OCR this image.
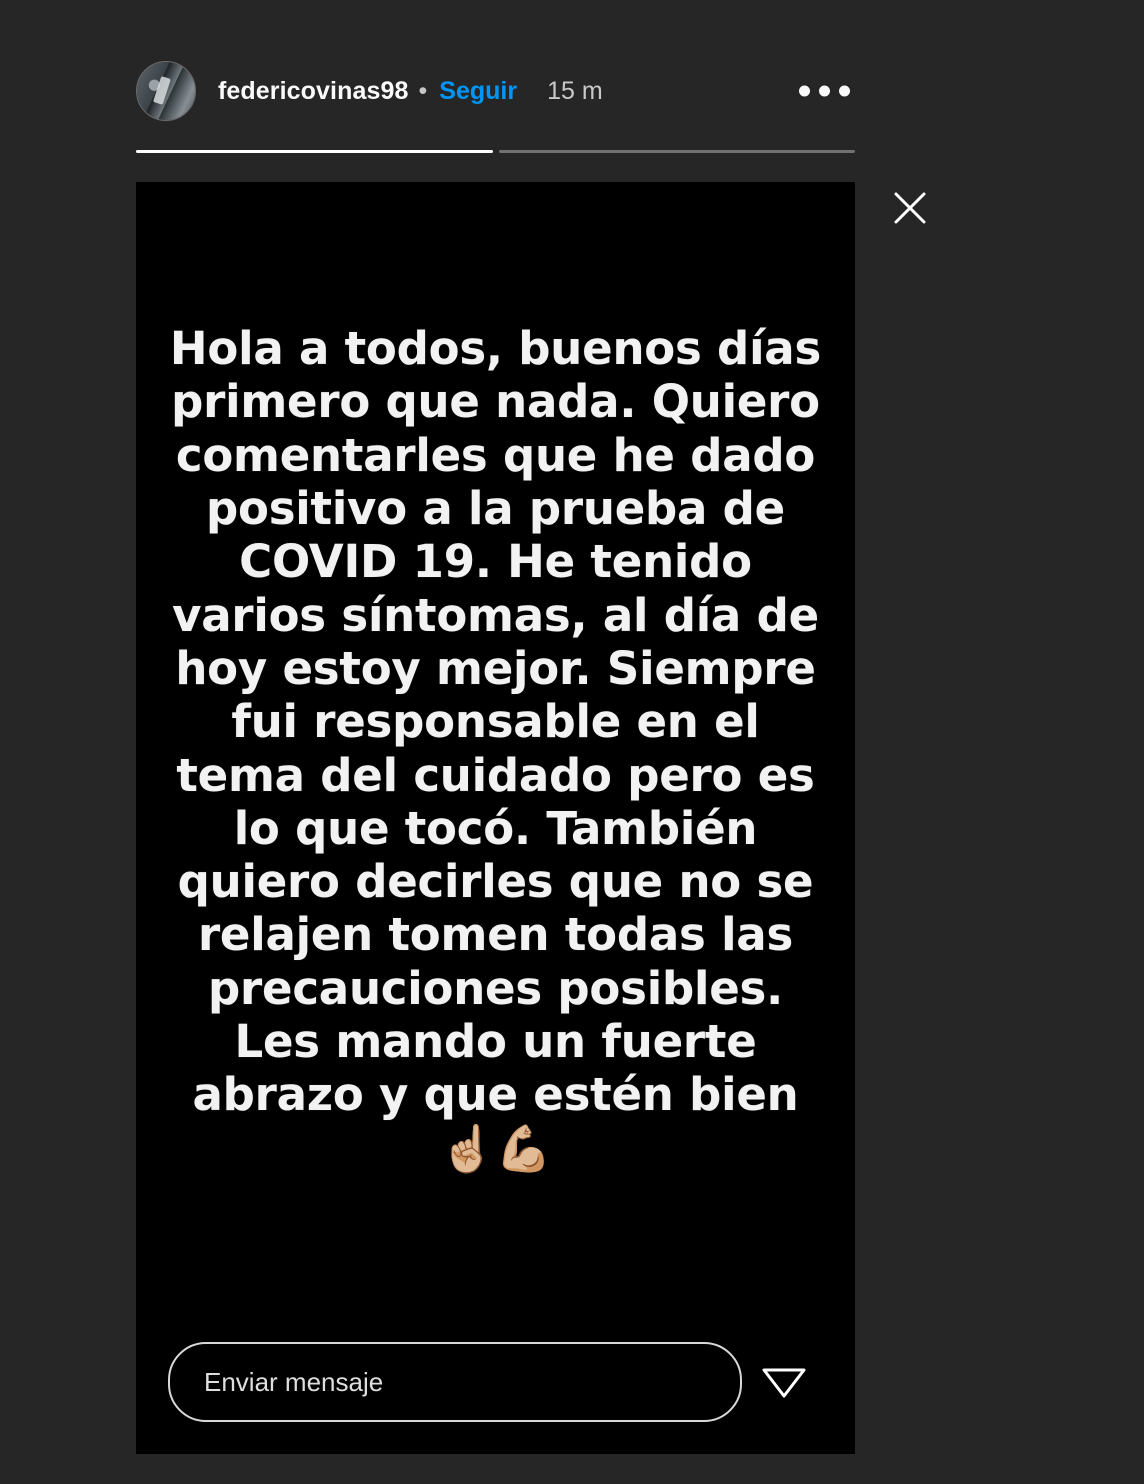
federicovinas98 • Seguir 15 m
Hola a todos, buenos días primero que nada. Quiero comentarles que he dado positivo a la prueba de COVID 19. He tenido varios síntomas, al día de hoy estoy mejor. Siempre fui responsable en el tema del cuidado pero es lo que tocó. También quiero decirles que no se relajen tomen todas las precauciones posibles. Les mando un fuerte abrazo y que estén bien ☝🏼💪🏼
Enviar mensaje
